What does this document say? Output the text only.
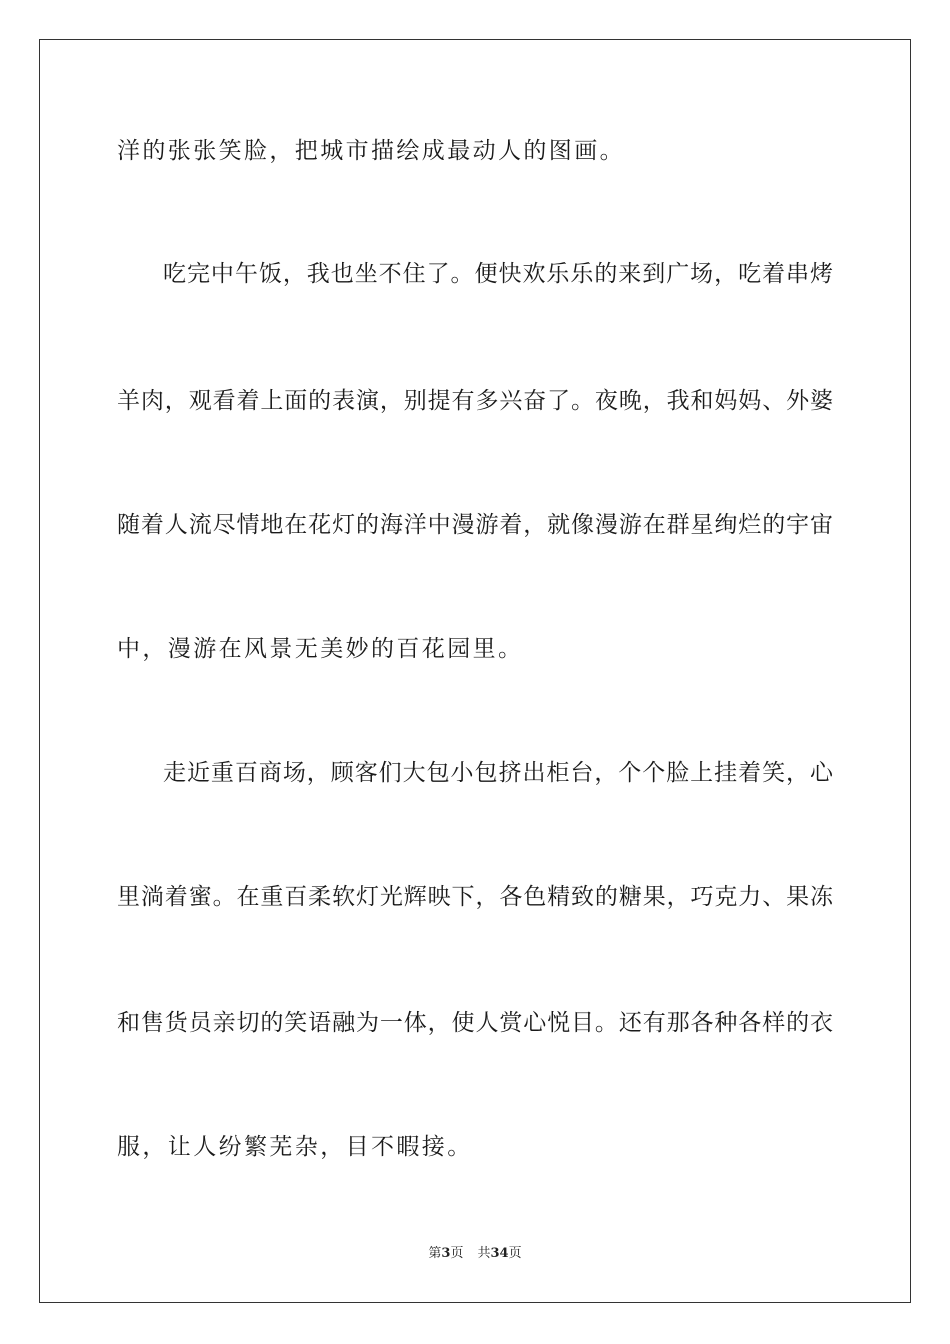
洋的张张笑脸，把城市描绘成最动人的图画。
吃完中午饭，我也坐不住了。便快欢乐乐的来到广场，吃着串烤
羊肉，观看着上面的表演，别提有多兴奋了。夜晚，我和妈妈、外婆
随着人流尽情地在花灯的海洋中漫游着，就像漫游在群星绚烂的宇宙
中，漫游在风景无美妙的百花园里。
走近重百商场，顾客们大包小包挤出柜台，个个脸上挂着笑，心
里淌着蜜。在重百柔软灯光辉映下，各色精致的糖果，巧克力、果冻
和售货员亲切的笑语融为一体，使人赏心悦目。还有那各种各样的衣
服，让人纷繁芜杂，目不暇接。
第3页 共34页
